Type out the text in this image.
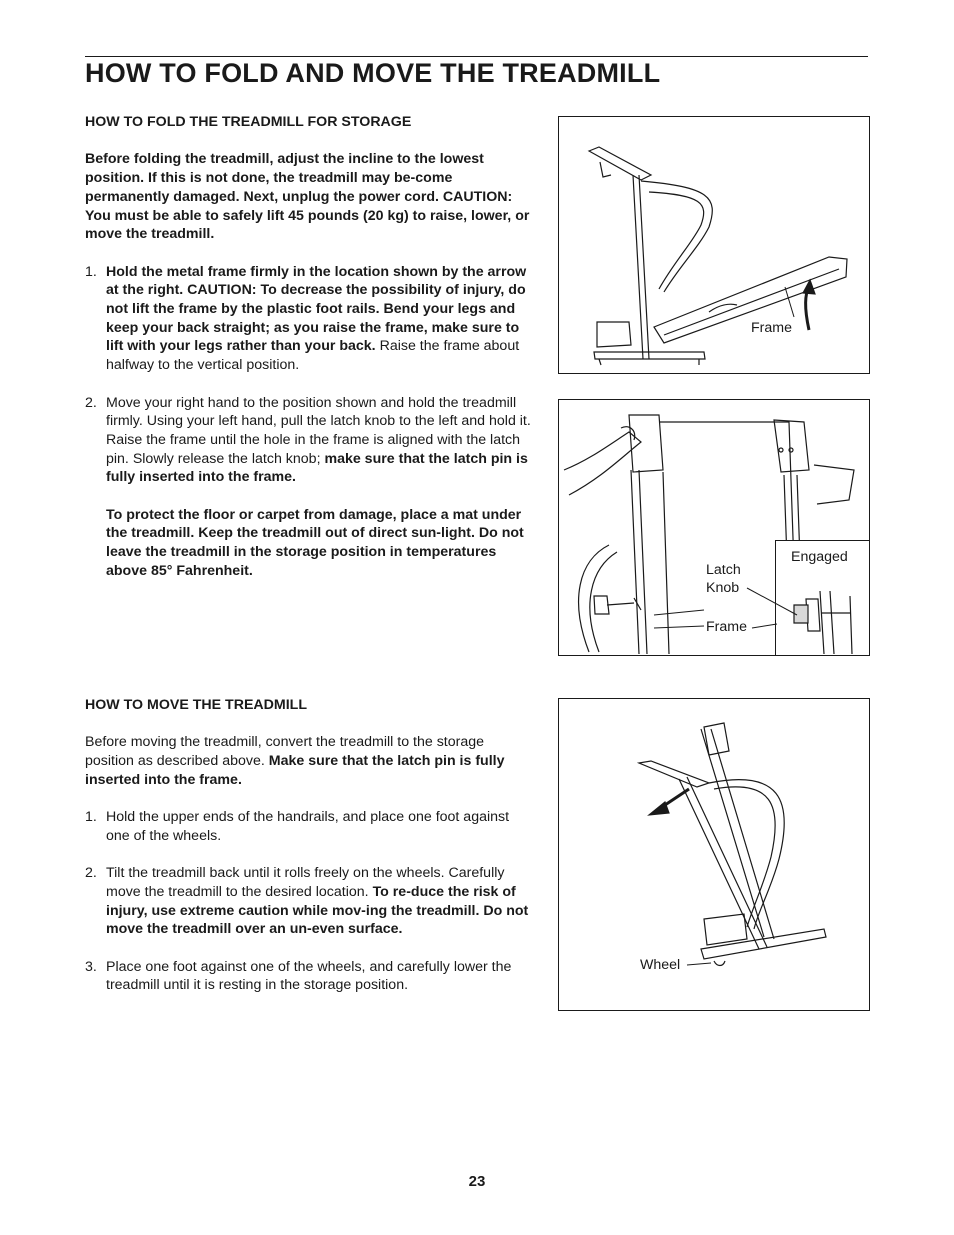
HOW TO FOLD AND MOVE THE TREADMILL
HOW TO FOLD THE TREADMILL FOR STORAGE

Before folding the treadmill, adjust the incline to the lowest position. If this is not done, the treadmill may be-come permanently damaged. Next, unplug the power cord. CAUTION: You must be able to safely lift 45 pounds (20 kg) to raise, lower, or move the treadmill.

1. Hold the metal frame firmly in the location shown by the arrow at the right. CAUTION: To decrease the possibility of injury, do not lift the frame by the plastic foot rails. Bend your legs and keep your back straight; as you raise the frame, make sure to lift with your legs rather than your back. Raise the frame about halfway to the vertical position.
2. Move your right hand to the position shown and hold the treadmill firmly. Using your left hand, pull the latch knob to the left and hold it. Raise the frame until the hole in the frame is aligned with the latch pin. Slowly release the latch knob; make sure that the latch pin is fully inserted into the frame.
To protect the floor or carpet from damage, place a mat under the treadmill. Keep the treadmill out of direct sun-light. Do not leave the treadmill in the storage position in temperatures above 85° Fahrenheit.
HOW TO MOVE THE TREADMILL

Before moving the treadmill, convert the treadmill to the storage position as described above. Make sure that the latch pin is fully inserted into the frame.

1. Hold the upper ends of the handrails, and place one foot against one of the wheels.
2. Tilt the treadmill back until it rolls freely on the wheels. Carefully move the treadmill to the desired location. To re-duce the risk of injury, use extreme caution while mov-ing the treadmill. Do not move the treadmill over an un-even surface.
3. Place one foot against one of the wheels, and carefully lower the treadmill until it is resting in the storage position.
Frame
Latch
Knob
Frame
Engaged
Wheel
23
